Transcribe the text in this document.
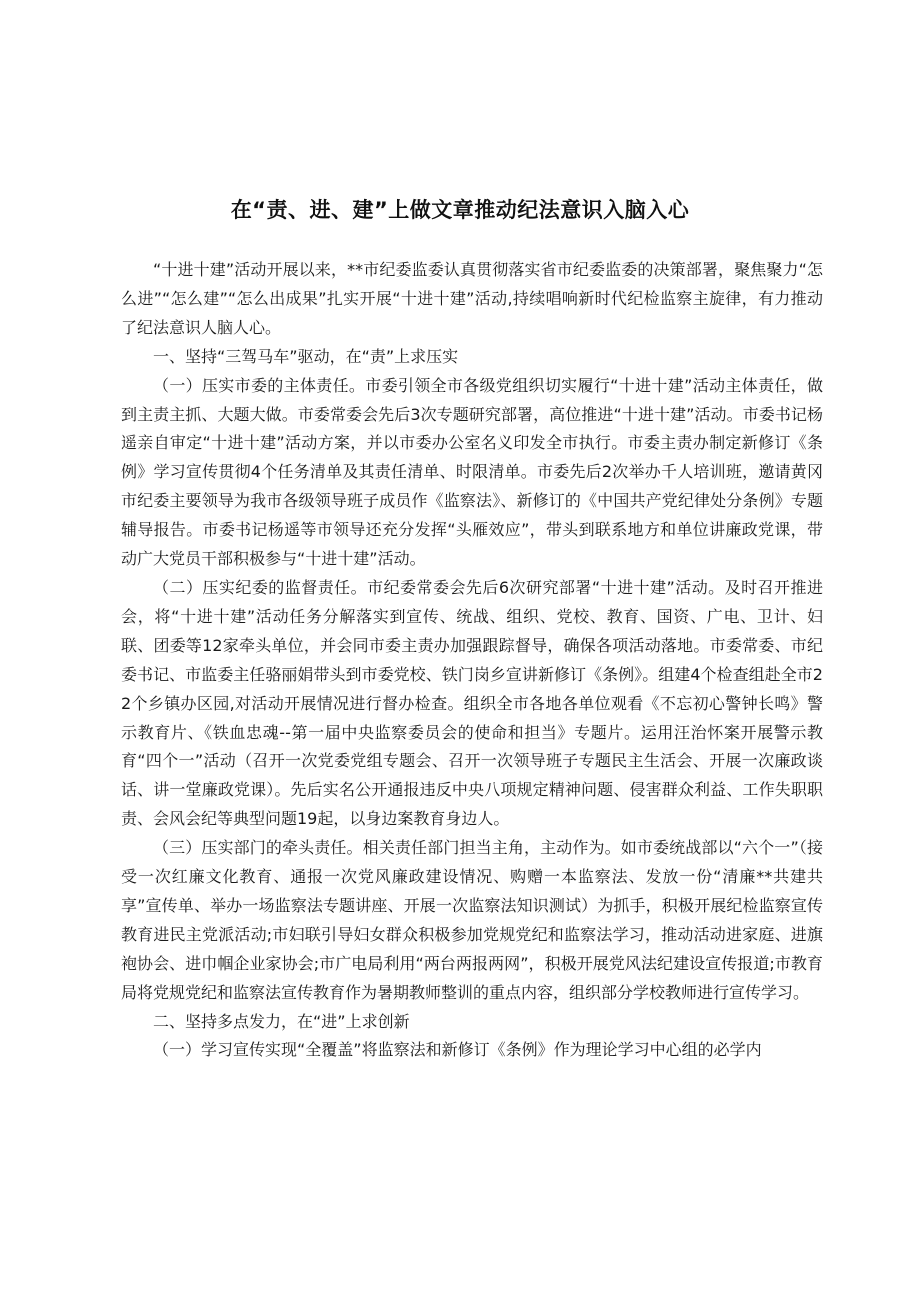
在“责、进、建”上做文章推动纪法意识入脑入心

“十进十建”活动开展以来，**市纪委监委认真贯彻落实省市纪委监委的决策部署，聚焦聚力“怎么进”“怎么建”“怎么出成果”扎实开展“十进十建”活动,持续唱响新时代纪检监察主旋律，有力推动了纪法意识人脑人心。

一、坚持“三驾马车”驱动，在“责”上求压实

（一）压实市委的主体责任。市委引领全市各级党组织切实履行“十进十建”活动主体责任，做到主责主抓、大题大做。市委常委会先后3次专题研究部署，高位推进“十进十建”活动。市委书记杨遥亲自审定“十进十建”活动方案，并以市委办公室名义印发全市执行。市委主责办制定新修订《条例》学习宣传贯彻4个任务清单及其责任清单、时限清单。市委先后2次举办千人培训班，邀请黄冈市纪委主要领导为我市各级领导班子成员作《监察法》、新修订的《中国共产党纪律处分条例》专题辅导报告。市委书记杨遥等市领导还充分发挥“头雁效应”，带头到联系地方和单位讲廉政党课，带动广大党员干部积极参与“十进十建”活动。

（二）压实纪委的监督责任。市纪委常委会先后6次研究部署“十进十建”活动。及时召开推进会，将“十进十建”活动任务分解落实到宣传、统战、组织、党校、教育、国资、广电、卫计、妇联、团委等12家牵头单位，并会同市委主责办加强跟踪督导，确保各项活动落地。市委常委、市纪委书记、市监委主任骆丽娟带头到市委党校、铁门岗乡宣讲新修订《条例》。组建4个检查组赴全市22个乡镇办区园,对活动开展情况进行督办检查。组织全市各地各单位观看《不忘初心警钟长鸣》警示教育片、《铁血忠魂--第一届中央监察委员会的使命和担当》专题片。运用汪治怀案开展警示教育“四个一”活动（召开一次党委党组专题会、召开一次领导班子专题民主生活会、开展一次廉政谈话、讲一堂廉政党课）。先后实名公开通报违反中央八项规定精神问题、侵害群众利益、工作失职职责、会风会纪等典型问题19起，以身边案教育身边人。

（三）压实部门的牵头责任。相关责任部门担当主角，主动作为。如市委统战部以“六个一”（接受一次红廉文化教育、通报一次党风廉政建设情况、购赠一本监察法、发放一份“清廉**共建共享”宣传单、举办一场监察法专题讲座、开展一次监察法知识测试）为抓手，积极开展纪检监察宣传教育进民主党派活动;市妇联引导妇女群众积极参加党规党纪和监察法学习，推动活动进家庭、进旗袍协会、进巾帼企业家协会;市广电局利用“两台两报两网”，积极开展党风法纪建设宣传报道;市教育局将党规党纪和监察法宣传教育作为暑期教师整训的重点内容，组织部分学校教师进行宣传学习。

二、坚持多点发力，在“进”上求创新

（一）学习宣传实现“全覆盖”将监察法和新修订《条例》作为理论学习中心组的必学内
